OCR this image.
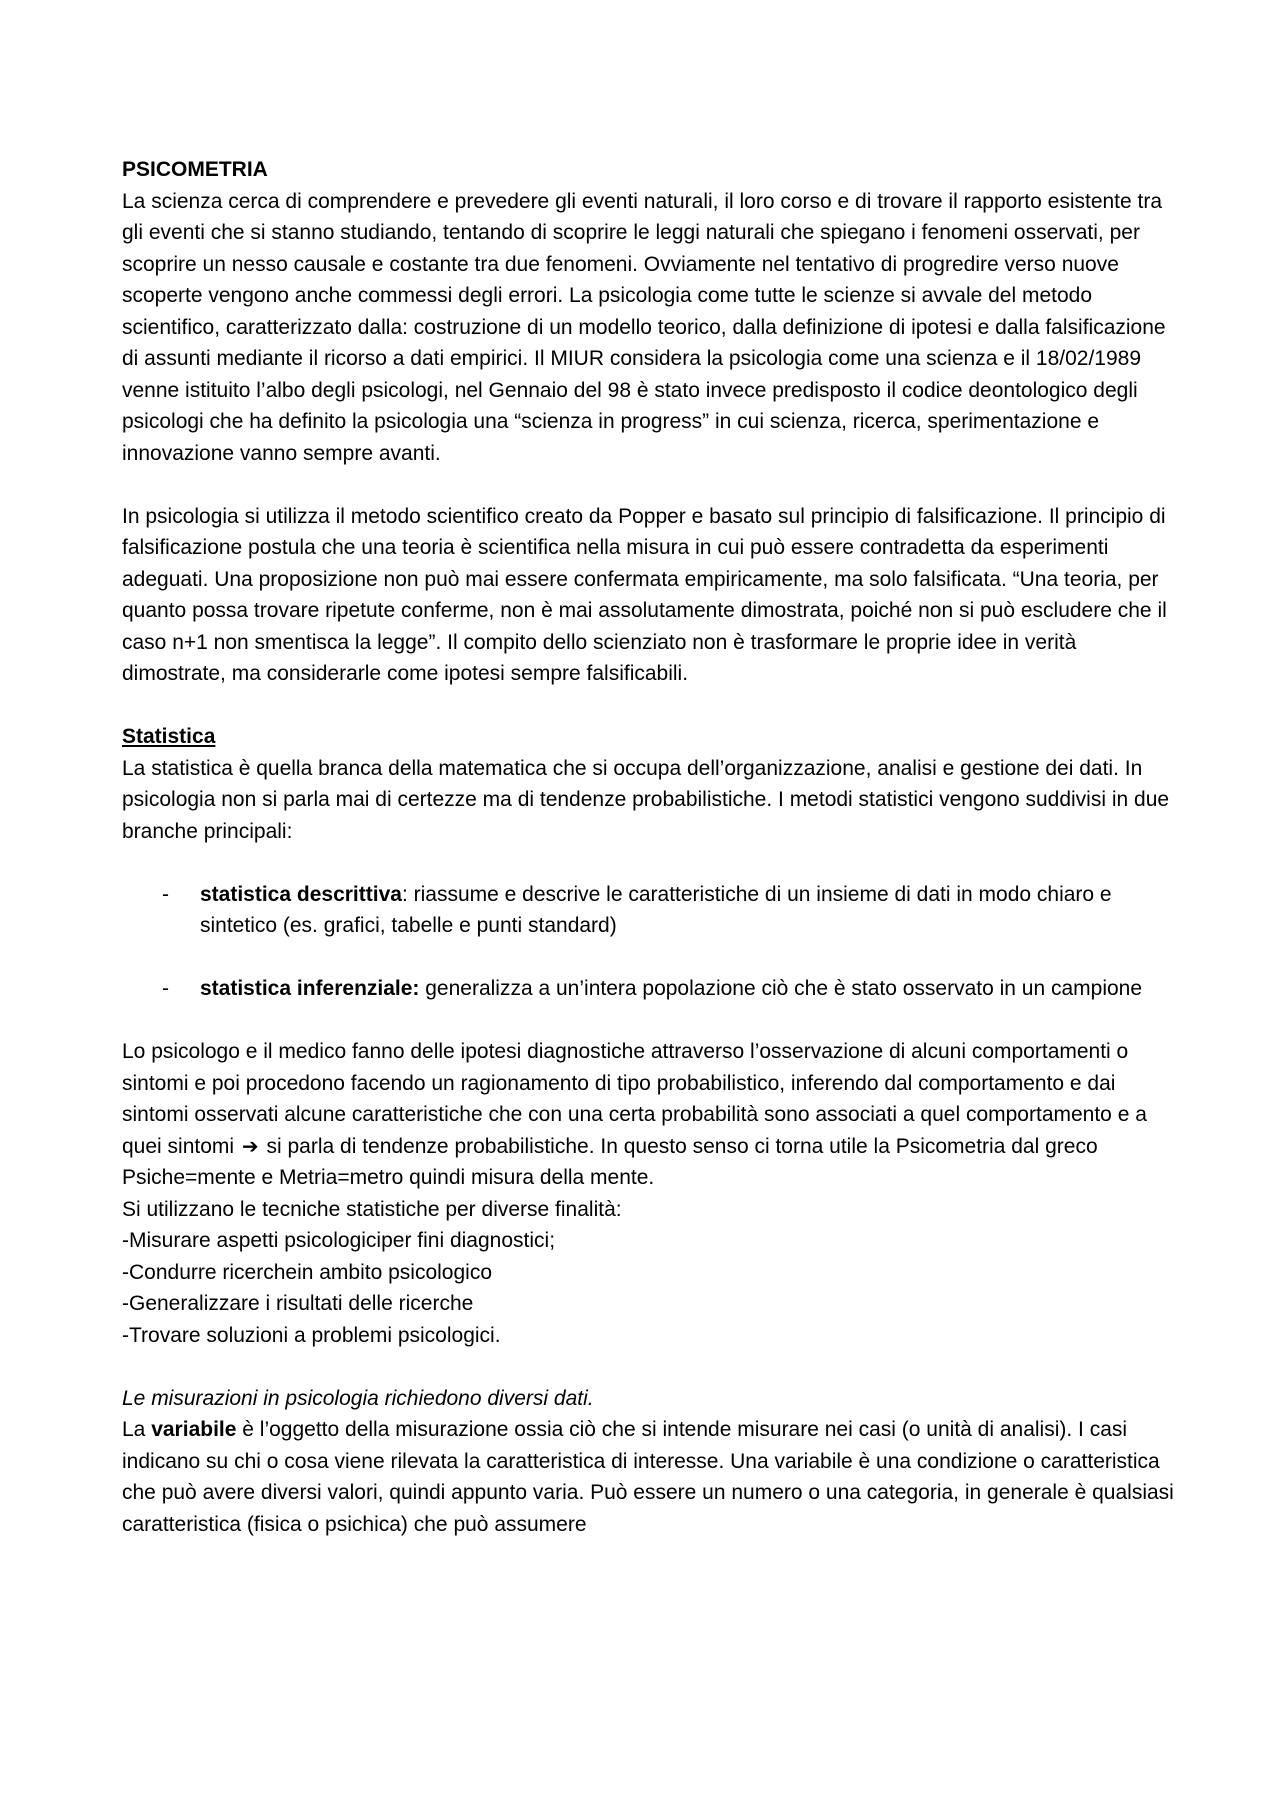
PSICOMETRIA

La scienza cerca di comprendere e prevedere gli eventi naturali, il loro corso e di trovare il rapporto esistente tra gli eventi che si stanno studiando, tentando di scoprire le leggi naturali che spiegano i fenomeni osservati, per scoprire un nesso causale e costante tra due fenomeni. Ovviamente nel tentativo di progredire verso nuove scoperte vengono anche commessi degli errori. La psicologia come tutte le scienze si avvale del metodo scientifico, caratterizzato dalla: costruzione di un modello teorico, dalla definizione di ipotesi e dalla falsificazione di assunti mediante il ricorso a dati empirici. Il MIUR considera la psicologia come una scienza e il 18/02/1989 venne istituito l’albo degli psicologi, nel Gennaio del 98 è stato invece predisposto il codice deontologico degli psicologi che ha definito la psicologia una “scienza in progress” in cui scienza, ricerca, sperimentazione e innovazione vanno sempre avanti.

In psicologia si utilizza il metodo scientifico creato da Popper e basato sul principio di falsificazione. Il principio di falsificazione postula che una teoria è scientifica nella misura in cui può essere contradetta da esperimenti adeguati. Una proposizione non può mai essere confermata empiricamente, ma solo falsificata. “Una teoria, per quanto possa trovare ripetute conferme, non è mai assolutamente dimostrata, poiché non si può escludere che il caso n+1 non smentisca la legge”. Il compito dello scienziato non è trasformare le proprie idee in verità dimostrate, ma considerarle come ipotesi sempre falsificabili.

Statistica

La statistica è quella branca della matematica che si occupa dell’organizzazione, analisi e gestione dei dati. In psicologia non si parla mai di certezze ma di tendenze probabilistiche. I metodi statistici vengono suddivisi in due branche principali:

- statistica descrittiva: riassume e descrive le caratteristiche di un insieme di dati in modo chiaro e sintetico (es. grafici, tabelle e punti standard)
- statistica inferenziale: generalizza a un’intera popolazione ciò che è stato osservato in un campione

Lo psicologo e il medico fanno delle ipotesi diagnostiche attraverso l’osservazione di alcuni comportamenti o sintomi e poi procedono facendo un ragionamento di tipo probabilistico, inferendo dal comportamento e dai sintomi osservati alcune caratteristiche che con una certa probabilità sono associati a quel comportamento e a quei sintomi ➔ si parla di tendenze probabilistiche. In questo senso ci torna utile la Psicometria dal greco Psiche=mente e Metria=metro quindi misura della mente.

Si utilizzano le tecniche statistiche per diverse finalità:

-Misurare aspetti psicologiciper fini diagnostici;

-Condurre ricerchein ambito psicologico

-Generalizzare i risultati delle ricerche

-Trovare soluzioni a problemi psicologici.

Le misurazioni in psicologia richiedono diversi dati.

La variabile è l’oggetto della misurazione ossia ciò che si intende misurare nei casi (o unità di analisi). I casi indicano su chi o cosa viene rilevata la caratteristica di interesse. Una variabile è una condizione o caratteristica che può avere diversi valori, quindi appunto varia. Può essere un numero o una categoria, in generale è qualsiasi caratteristica (fisica o psichica) che può assumere
